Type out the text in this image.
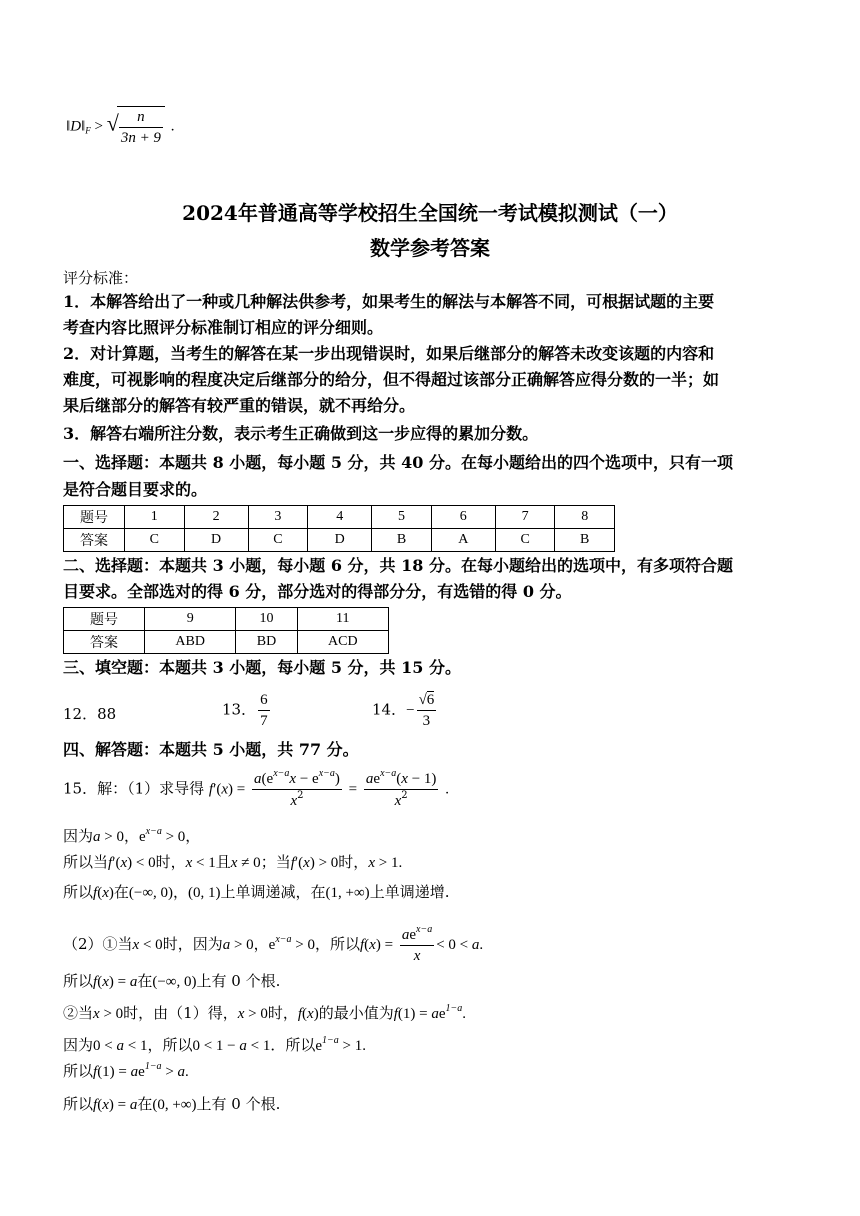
$‖D‖_F$ > √
$\frac{n}{3n + 9}$ .
2024年普通高等学校招生全国统一考试模拟测试（一）
数学参考答案
评分标准：
1．本解答给出了一种或几种解法供参考，如果考生的解法与本解答不同，可根据试题的主要
考查内容比照评分标准制订相应的评分细则。
2．对计算题，当考生的解答在某一步出现错误时，如果后继部分的解答未改变该题的内容和
难度，可视影响的程度决定后继部分的给分，但不得超过该部分正确解答应得分数的一半；如
果后继部分的解答有较严重的错误，就不再给分。
3．解答右端所注分数，表示考生正确做到这一步应得的累加分数。
一、选择题：本题共 8 小题，每小题 5 分，共 40 分。在每小题给出的四个选项中，只有一项
是符合题目要求的。
题号	1	2	3	4	5	6	7	8
答案	C	D	C	D	B	A	C	B
二、选择题：本题共 3 小题，每小题 6 分，共 18 分。在每小题给出的选项中，有多项符合题
目要求。全部选对的得 6 分，部分选对的得部分分，有选错的得 0 分。
题号	9	10	11
答案	ABD	BD	ACD
三、填空题：本题共 3 小题，每小题 5 分，共 15 分。
12．88	13． $\frac{6}{7}$	14．− $\frac{√6}{3}$
四、解答题：本题共 5 小题，共 77 分。
15．解：（1）求导得 $f'(x) = \frac{a(e^{x-a}x - e^{x-a})}{x^2} = \frac{ae^{x-a}(x - 1)}{x^2}$ .
因为a > 0，$e^{x-a} > 0$，
所以当f′(x) < 0时，x < 1且x ≠ 0；当f′(x) > 0时，x > 1.
所以f(x)在(−∞, 0)，(0, 1)上单调递减，在(1, +∞)上单调递增.
（2）①当x < 0时，因为a > 0，$e^{x-a} > 0$，所以$f(x) = \frac{ae^{x-a}}{x} < 0 < a$.
所以f(x) = a在(−∞, 0)上有 0 个根.
②当x > 0时，由（1）得，x > 0时，f(x)的最小值为$f(1) = ae^{1-a}$.
因为0 < a < 1，所以0 < 1 − a < 1．所以$e^{1-a} > 1$.
所以$f(1) = ae^{1-a} > a$.
所以f(x) = a在(0, +∞)上有 0 个根.
